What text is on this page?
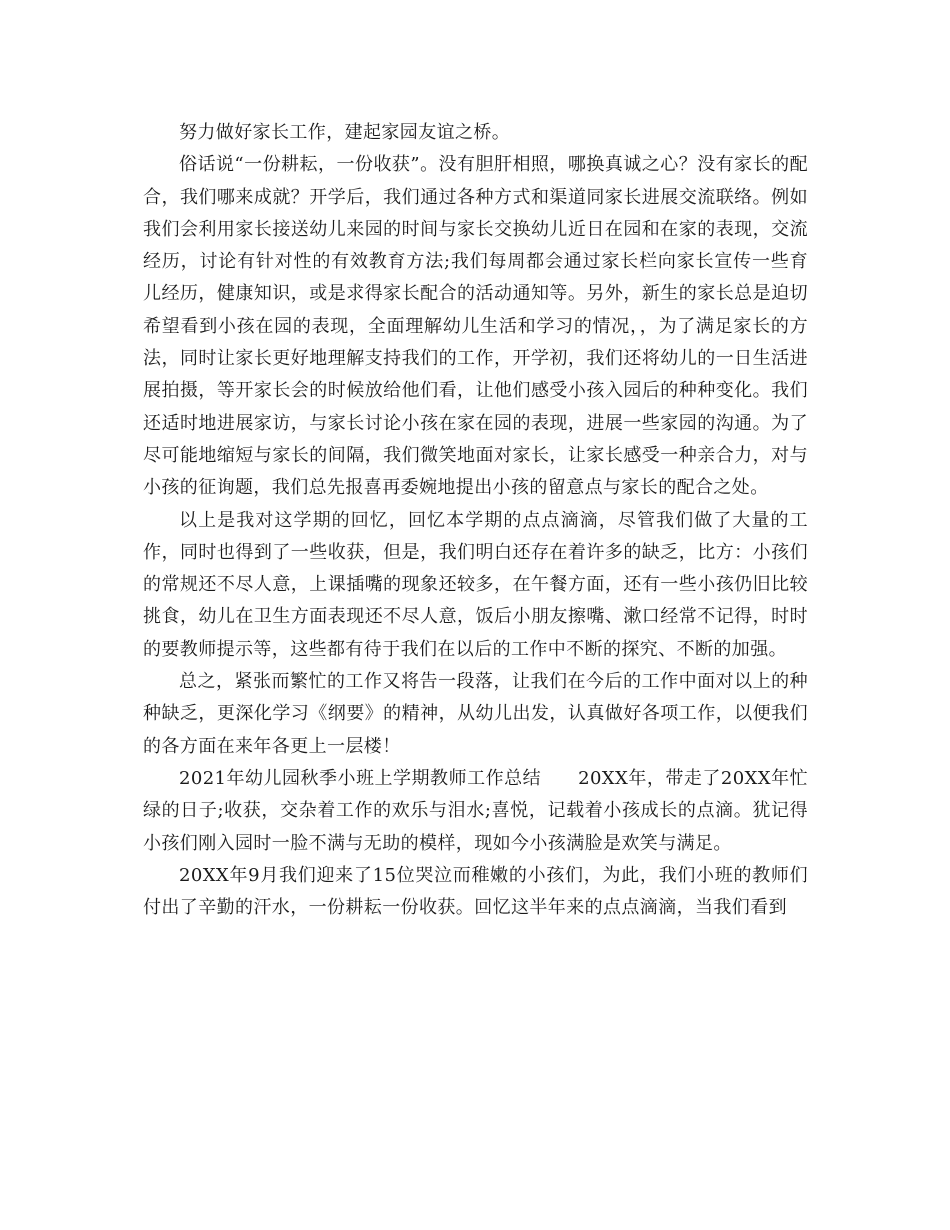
努力做好家长工作，建起家园友谊之桥。

俗话说“一份耕耘，一份收获”。没有胆肝相照，哪换真诚之心？没有家长的配合，我们哪来成就？开学后，我们通过各种方式和渠道同家长进展交流联络。例如我们会利用家长接送幼儿来园的时间与家长交换幼儿近日在园和在家的表现，交流经历，讨论有针对性的有效教育方法;我们每周都会通过家长栏向家长宣传一些育儿经历，健康知识，或是求得家长配合的活动通知等。另外，新生的家长总是迫切希望看到小孩在园的表现，全面理解幼儿生活和学习的情况，，为了满足家长的方法，同时让家长更好地理解支持我们的工作，开学初，我们还将幼儿的一日生活进展拍摄，等开家长会的时候放给他们看，让他们感受小孩入园后的种种变化。我们还适时地进展家访，与家长讨论小孩在家在园的表现，进展一些家园的沟通。为了尽可能地缩短与家长的间隔，我们微笑地面对家长，让家长感受一种亲合力，对与小孩的征询题，我们总先报喜再委婉地提出小孩的留意点与家长的配合之处。

以上是我对这学期的回忆，回忆本学期的点点滴滴，尽管我们做了大量的工作，同时也得到了一些收获，但是，我们明白还存在着许多的缺乏，比方：小孩们的常规还不尽人意，上课插嘴的现象还较多，在午餐方面，还有一些小孩仍旧比较挑食，幼儿在卫生方面表现还不尽人意，饭后小朋友擦嘴、漱口经常不记得，时时的要教师提示等，这些都有待于我们在以后的工作中不断的探究、不断的加强。

总之，紧张而繁忙的工作又将告一段落，让我们在今后的工作中面对以上的种种缺乏，更深化学习《纲要》的精神，从幼儿出发，认真做好各项工作，以便我们的各方面在来年各更上一层楼！

2021年幼儿园秋季小班上学期教师工作总结　　20XX年，带走了20XX年忙绿的日子;收获，交杂着工作的欢乐与泪水;喜悦，记载着小孩成长的点滴。犹记得小孩们刚入园时一脸不满与无助的模样，现如今小孩满脸是欢笑与满足。

20XX年9月我们迎来了15位哭泣而稚嫩的小孩们，为此，我们小班的教师们付出了辛勤的汗水，一份耕耘一份收获。回忆这半年来的点点滴滴，当我们看到
